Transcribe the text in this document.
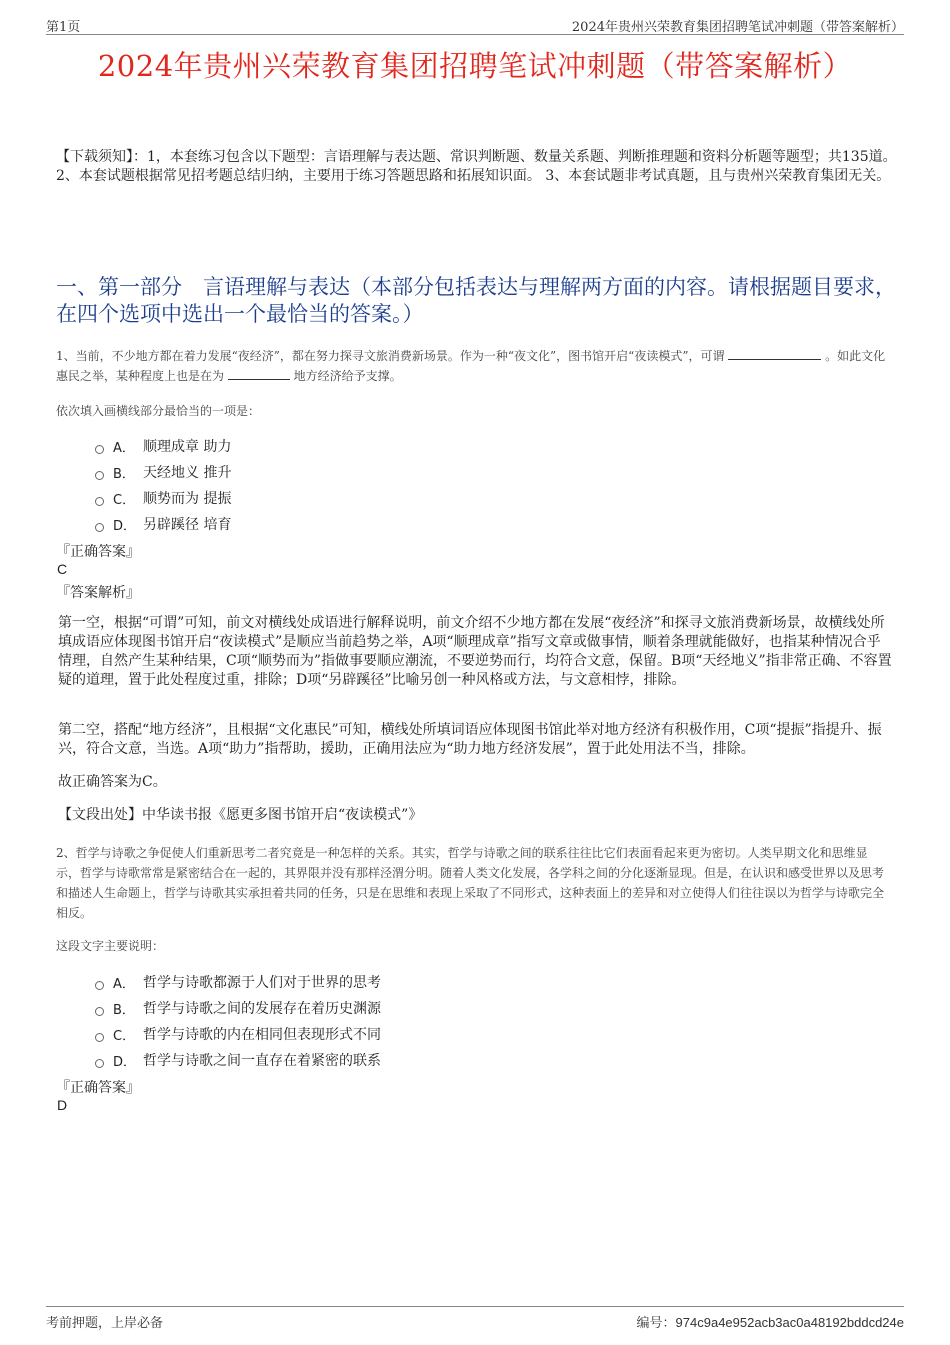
第1页	2024年贵州兴荣教育集团招聘笔试冲刺题（带答案解析）
2024年贵州兴荣教育集团招聘笔试冲刺题（带答案解析）
【下载须知】：1，本套练习包含以下题型：言语理解与表达题、常识判断题、数量关系题、判断推理题和资料分析题等题型；共135道。 2、本套试题根据常见招考题总结归纳，主要用于练习答题思路和拓展知识面。 3、本套试题非考试真题，且与贵州兴荣教育集团无关。
一、第一部分　言语理解与表达（本部分包括表达与理解两方面的内容。请根据题目要求，在四个选项中选出一个最恰当的答案。）
1、当前，不少地方都在着力发展“夜经济”，都在努力探寻文旅消费新场景。作为一种“夜文化”，图书馆开启“夜读模式”，可谓	。如此文化惠民之举，某种程度上也是在为	地方经济给予支撑。
依次填入画横线部分最恰当的一项是：
A． 顺理成章 助力
B． 天经地义 推升
C． 顺势而为 提振
D． 另辟蹊径 培育
『正确答案』
C
『答案解析』
第一空，根据“可谓”可知，前文对横线处成语进行解释说明，前文介绍不少地方都在发展“夜经济”和探寻文旅消费新场景，故横线处所填成语应体现图书馆开启“夜读模式”是顺应当前趋势之举，A项“顺理成章”指写文章或做事情，顺着条理就能做好，也指某种情况合乎情理，自然产生某种结果，C项“顺势而为”指做事要顺应潮流，不要逆势而行，均符合文意，保留。B项“天经地义”指非常正确、不容置疑的道理，置于此处程度过重，排除；D项“另辟蹊径”比喻另创一种风格或方法，与文意相悖，排除。
第二空，搭配“地方经济”，且根据“文化惠民”可知，横线处所填词语应体现图书馆此举对地方经济有积极作用，C项“提振”指提升、振兴，符合文意，当选。A项“助力”指帮助，援助，正确用法应为“助力地方经济发展”，置于此处用法不当，排除。
故正确答案为C。
【文段出处】中华读书报《愿更多图书馆开启“夜读模式”》
2、哲学与诗歌之争促使人们重新思考二者究竟是一种怎样的关系。其实，哲学与诗歌之间的联系往往比它们表面看起来更为密切。人类早期文化和思维显示，哲学与诗歌常常是紧密结合在一起的，其界限并没有那样泾渭分明。随着人类文化发展，各学科之间的分化逐渐显现。但是，在认识和感受世界以及思考和描述人生命题上，哲学与诗歌其实承担着共同的任务，只是在思维和表现上采取了不同形式，这种表面上的差异和对立使得人们往往误以为哲学与诗歌完全相反。
这段文字主要说明：
A． 哲学与诗歌都源于人们对于世界的思考
B． 哲学与诗歌之间的发展存在着历史渊源
C． 哲学与诗歌的内在相同但表现形式不同
D． 哲学与诗歌之间一直存在着紧密的联系
『正确答案』
D
考前押题，上岸必备	编号：974c9a4e952acb3ac0a48192bddcd24e
